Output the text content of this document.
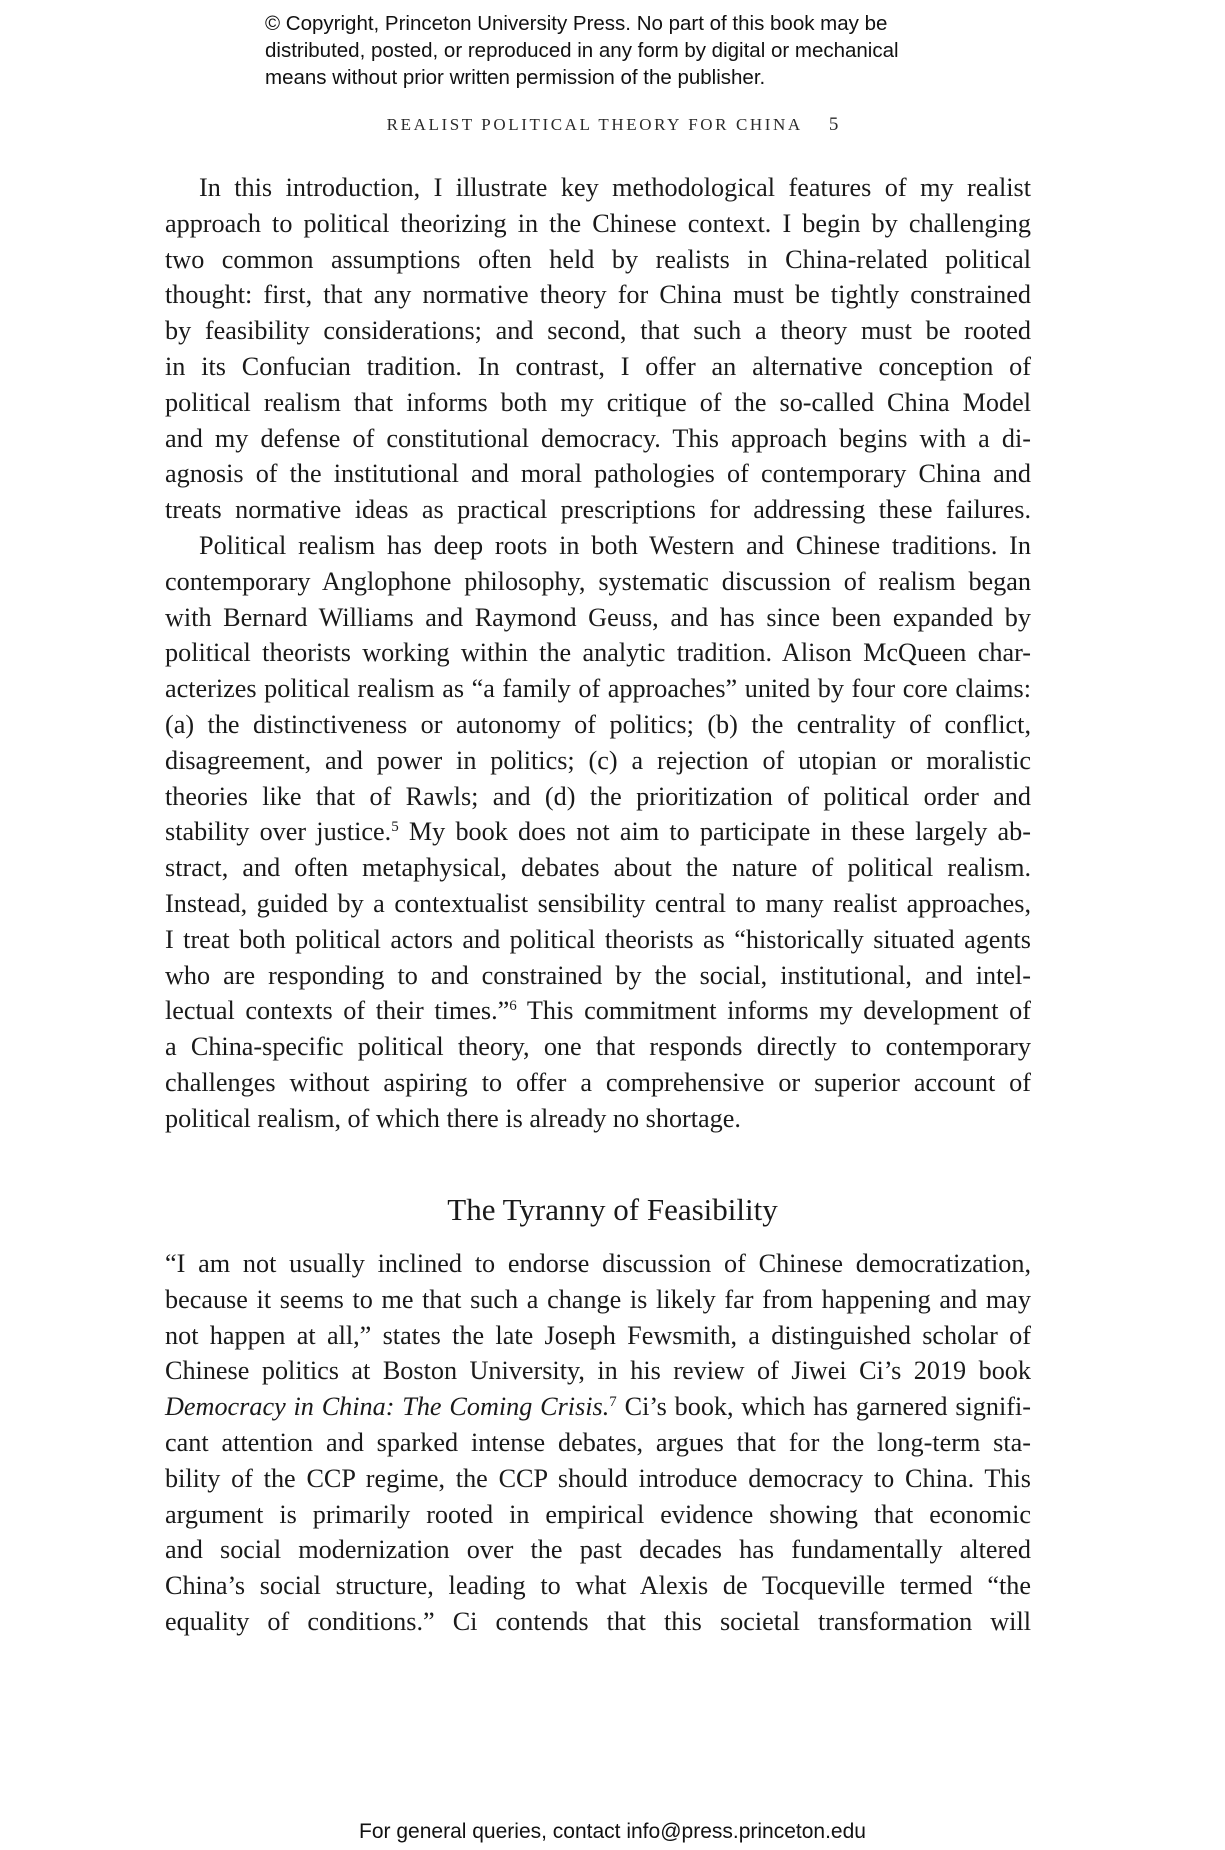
© Copyright, Princeton University Press. No part of this book may be
distributed, posted, or reproduced in any form by digital or mechanical
means without prior written permission of the publisher.
REALIST POLITICAL THEORY FOR CHINA 5
In this introduction, I illustrate key methodological features of my realist
approach to political theorizing in the Chinese context. I begin by challenging
two common assumptions often held by realists in China-related political
thought: first, that any normative theory for China must be tightly constrained
by feasibility considerations; and second, that such a theory must be rooted
in its Confucian tradition. In contrast, I offer an alternative conception of
political realism that informs both my critique of the so-called China Model
and my defense of constitutional democracy. This approach begins with a di-
agnosis of the institutional and moral pathologies of contemporary China and
treats normative ideas as practical prescriptions for addressing these failures.
Political realism has deep roots in both Western and Chinese traditions. In
contemporary Anglophone philosophy, systematic discussion of realism began
with Bernard Williams and Raymond Geuss, and has since been expanded by
political theorists working within the analytic tradition. Alison McQueen char-
acterizes political realism as “a family of approaches” united by four core claims:
(a) the distinctiveness or autonomy of politics; (b) the centrality of conflict,
disagreement, and power in politics; (c) a rejection of utopian or moralistic
theories like that of Rawls; and (d) the prioritization of political order and
stability over justice.$^5$ My book does not aim to participate in these largely ab-
stract, and often metaphysical, debates about the nature of political realism.
Instead, guided by a contextualist sensibility central to many realist approaches,
I treat both political actors and political theorists as “historically situated agents
who are responding to and constrained by the social, institutional, and intel-
lectual contexts of their times.”$^6$ This commitment informs my development of
a China-specific political theory, one that responds directly to contemporary
challenges without aspiring to offer a comprehensive or superior account of
political realism, of which there is already no shortage.
The Tyranny of Feasibility
“I am not usually inclined to endorse discussion of Chinese democratization,
because it seems to me that such a change is likely far from happening and may
not happen at all,” states the late Joseph Fewsmith, a distinguished scholar of
Chinese politics at Boston University, in his review of Jiwei Ci’s 2019 book
Democracy in China: The Coming Crisis.$^7$ Ci’s book, which has garnered signifi-
cant attention and sparked intense debates, argues that for the long-term sta-
bility of the CCP regime, the CCP should introduce democracy to China. This
argument is primarily rooted in empirical evidence showing that economic
and social modernization over the past decades has fundamentally altered
China’s social structure, leading to what Alexis de Tocqueville termed “the
equality of conditions.” Ci contends that this societal transformation will
For general queries, contact info@press.princeton.edu
